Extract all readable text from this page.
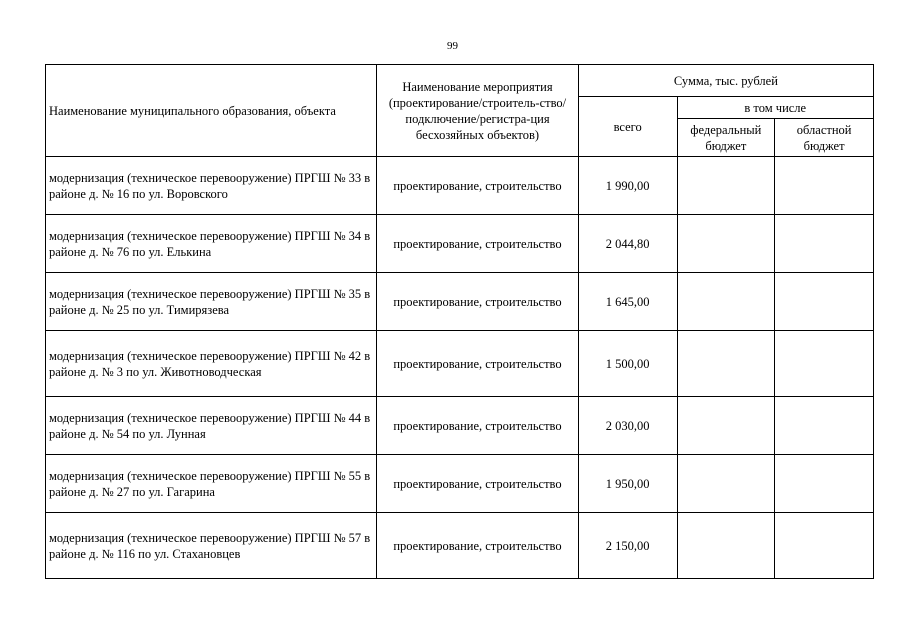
99
Наименование муниципального образования, объекта	Наименование мероприятия (проектирование/строитель-ство/подключение/регистра-ция бесхозяйных объектов)	Сумма, тыс. рублей		
		всего	в том числе	
			федеральный бюджет	областной бюджет
модернизация (техническое перевооружение) ПРГШ № 33 в районе д. № 16 по ул. Воровского	проектирование, строительство	1 990,00		
модернизация (техническое перевооружение) ПРГШ № 34 в районе д. № 76 по ул. Елькина	проектирование, строительство	2 044,80		
модернизация (техническое перевооружение) ПРГШ № 35 в районе д. № 25 по ул. Тимирязева	проектирование, строительство	1 645,00		
модернизация (техническое перевооружение) ПРГШ № 42 в районе д. № 3 по ул. Животноводческая	проектирование, строительство	1 500,00		
модернизация (техническое перевооружение) ПРГШ № 44 в районе д. № 54 по ул. Лунная	проектирование, строительство	2 030,00		
модернизация (техническое перевооружение) ПРГШ № 55 в районе д. № 27 по ул. Гагарина	проектирование, строительство	1 950,00		
модернизация (техническое перевооружение) ПРГШ № 57 в районе д. № 116 по ул. Стахановцев	проектирование, строительство	2 150,00		
